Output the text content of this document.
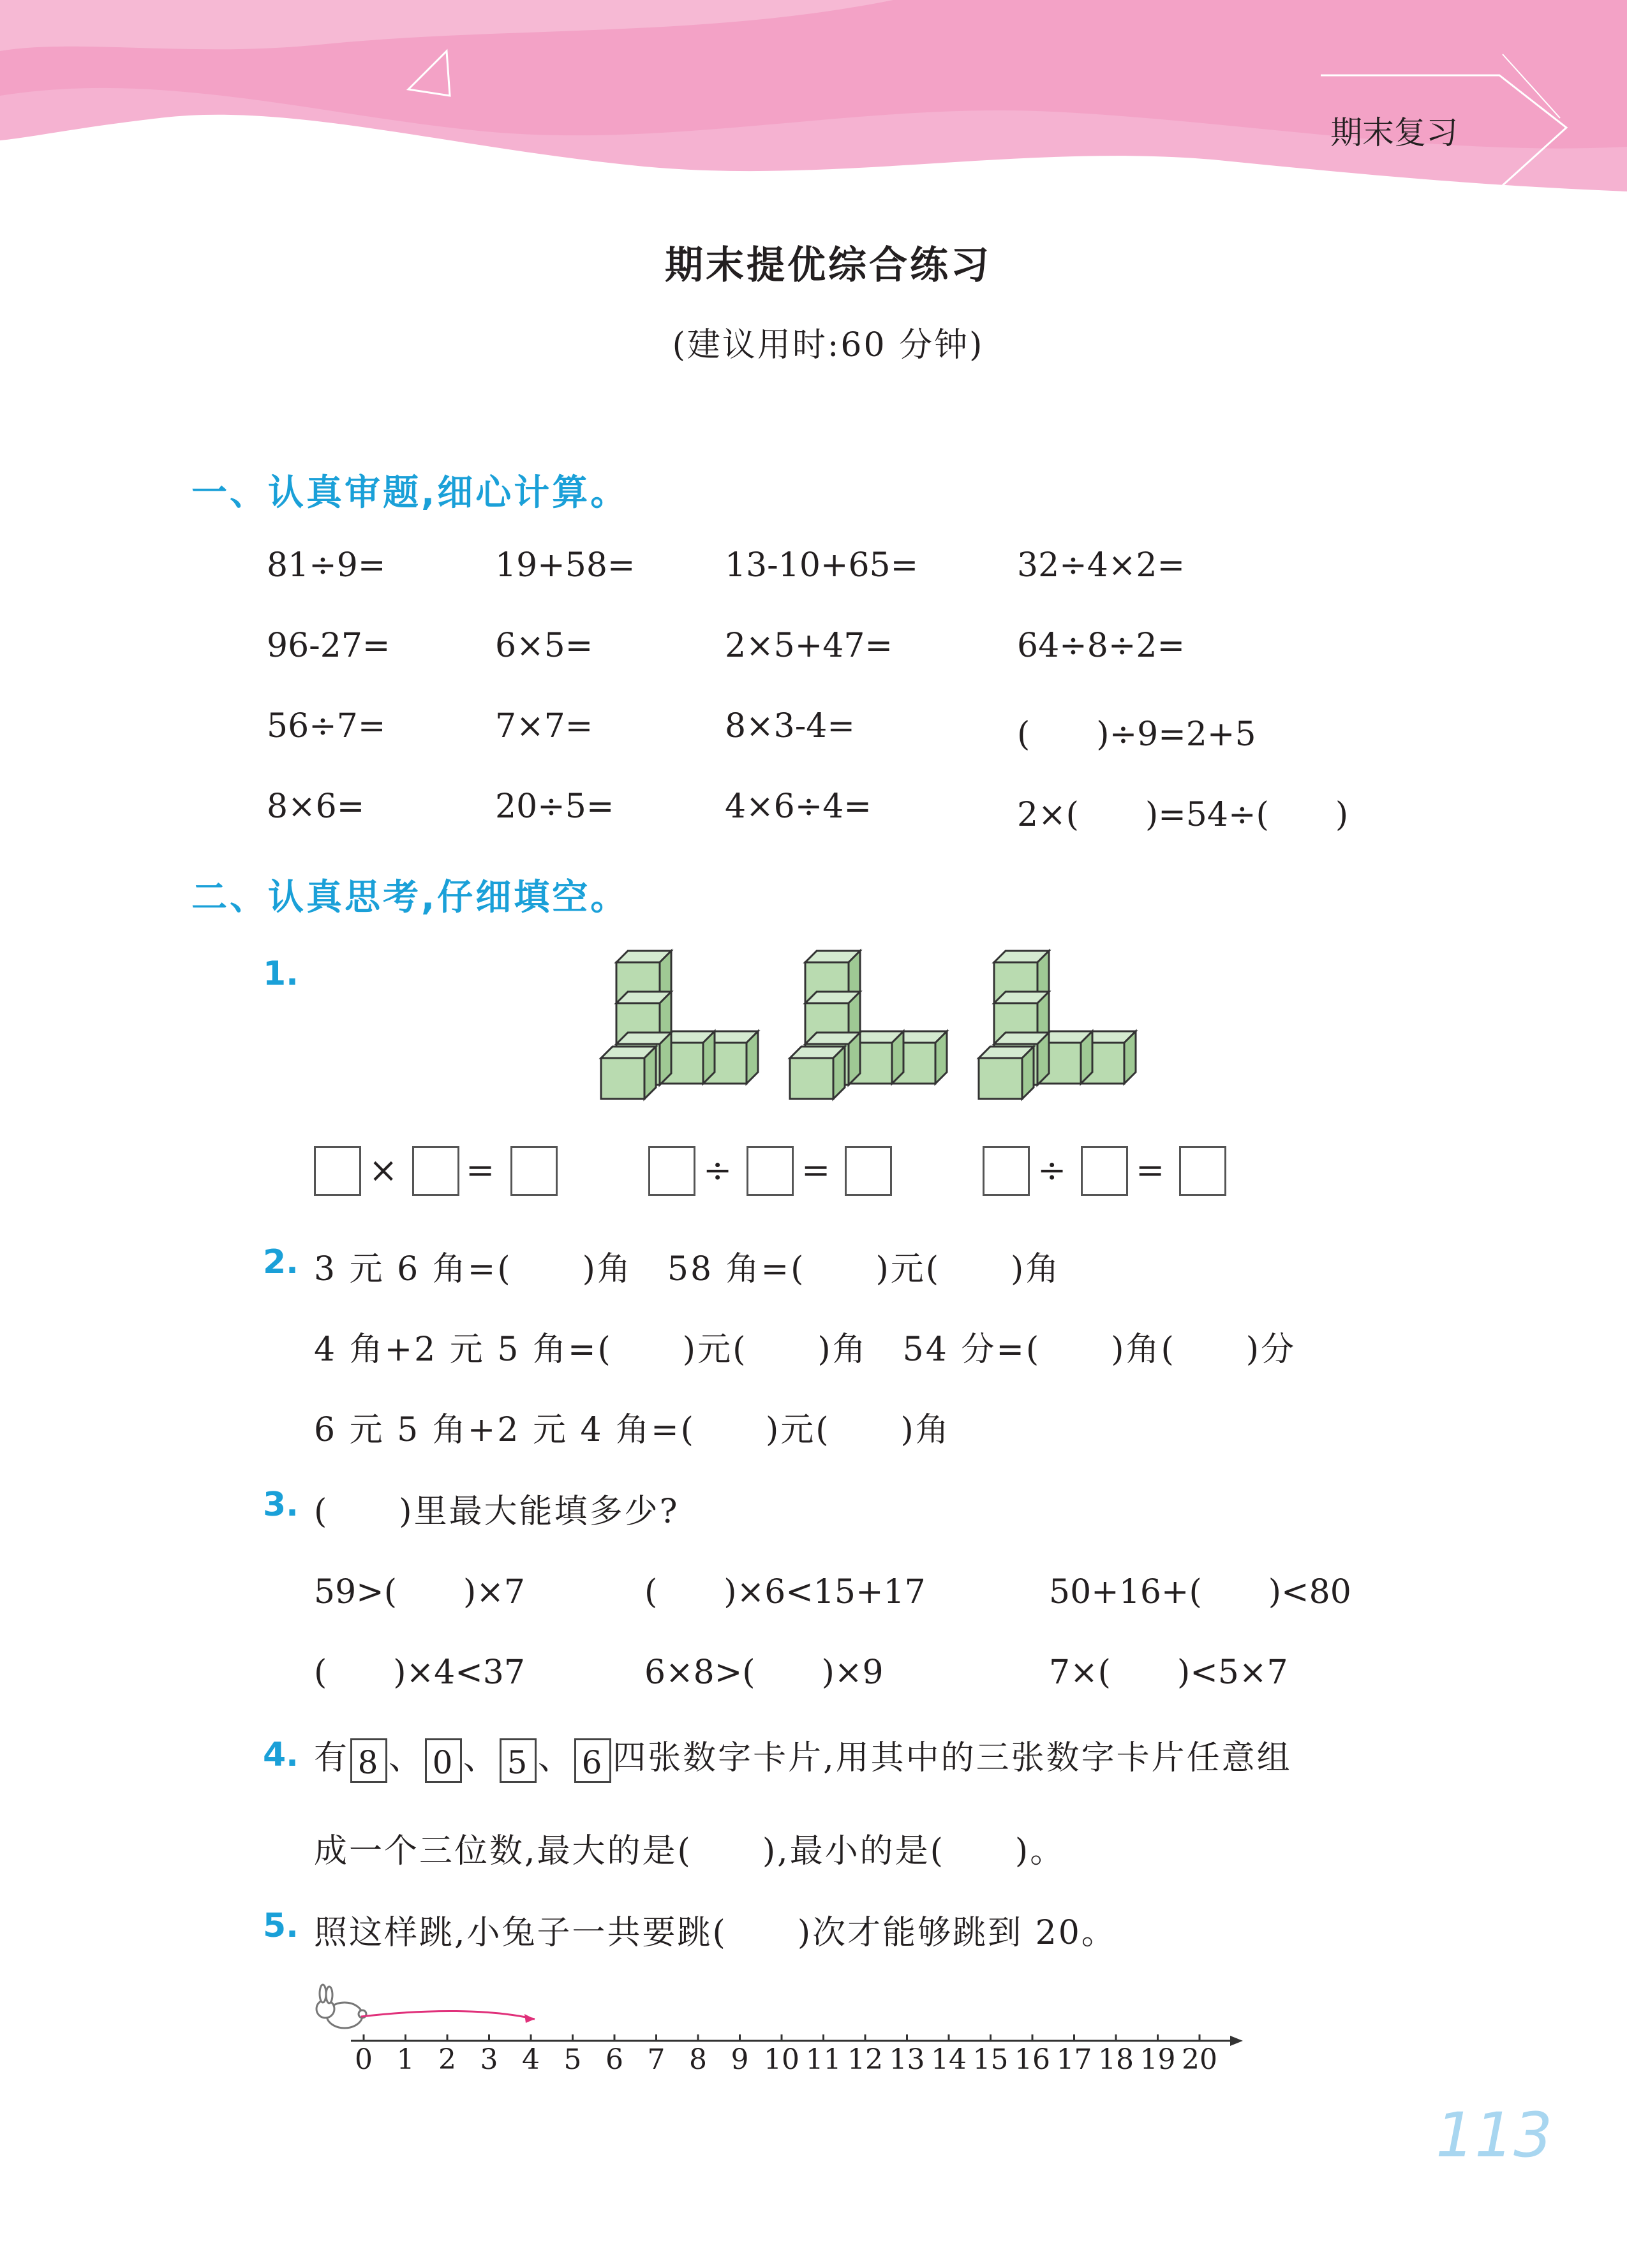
期末复习
期末提优综合练习
(建议用时:60 分钟)
一、认真审题,细心计算。
81÷9=	19+58=	13-10+65=	32÷4×2=
96-27=	6×5=	2×5+47=	64÷8÷2=
56÷7=	7×7=	8×3-4=	(　　)÷9=2+5
8×6=	20÷5=	4×6÷4=	2×(　　)=54÷(　　)
二、认真思考,仔细填空。
1.
× =	÷ =	÷ =
2. 3 元 6 角=(　　)角　58 角=(　　)元(　　)角
4 角+2 元 5 角=(　　)元(　　)角　54 分=(　　)角(　　)分
6 元 5 角+2 元 4 角=(　　)元(　　)角
3. (　　)里最大能填多少?
59>(　　)×7	(　　)×6<15+17	50+16+(　　)<80
(　　)×4<37	6×8>(　　)×9	7×(　　)<5×7
4. 有 8 、 0 、 5 、 6 四张数字卡片,用其中的三张数字卡片任意组
成一个三位数,最大的是(　　),最小的是(　　)。
5. 照这样跳,小兔子一共要跳(　　)次才能够跳到 20。
0 1 2 3 4 5 6 7 8 9 10 11 12 13 14 15 16 17 18 19 20
113
